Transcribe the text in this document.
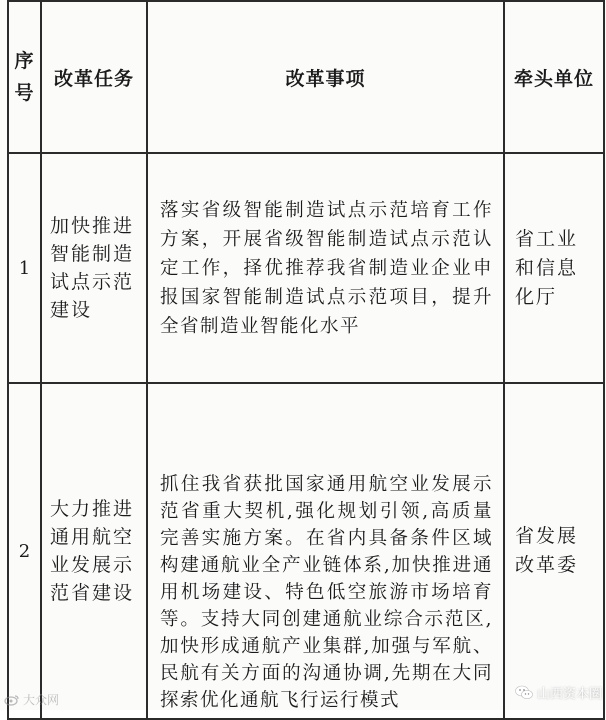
序号	改革任务	改革事项	牵头单位
1	加快推进智能制造试点示范建设	落实省级智能制造试点示范培育工作方案，开展省级智能制造试点示范认定工作，择优推荐我省制造业企业申报国家智能制造试点示范项目，提升全省制造业智能化水平	省工业和信息化厅
2	大力推进通用航空业发展示范省建设	抓住我省获批国家通用航空业发展示范省重大契机,强化规划引领,高质量完善实施方案。在省内具备条件区域构建通航业全产业链体系,加快推进通用机场建设、特色低空旅游市场培育等。支持大同创建通航业综合示范区,加快形成通航产业集群,加强与军航、民航有关方面的沟通协调,先期在大同探索优化通航飞行运行模式	省发展改革委
大众网	山西资本圈
